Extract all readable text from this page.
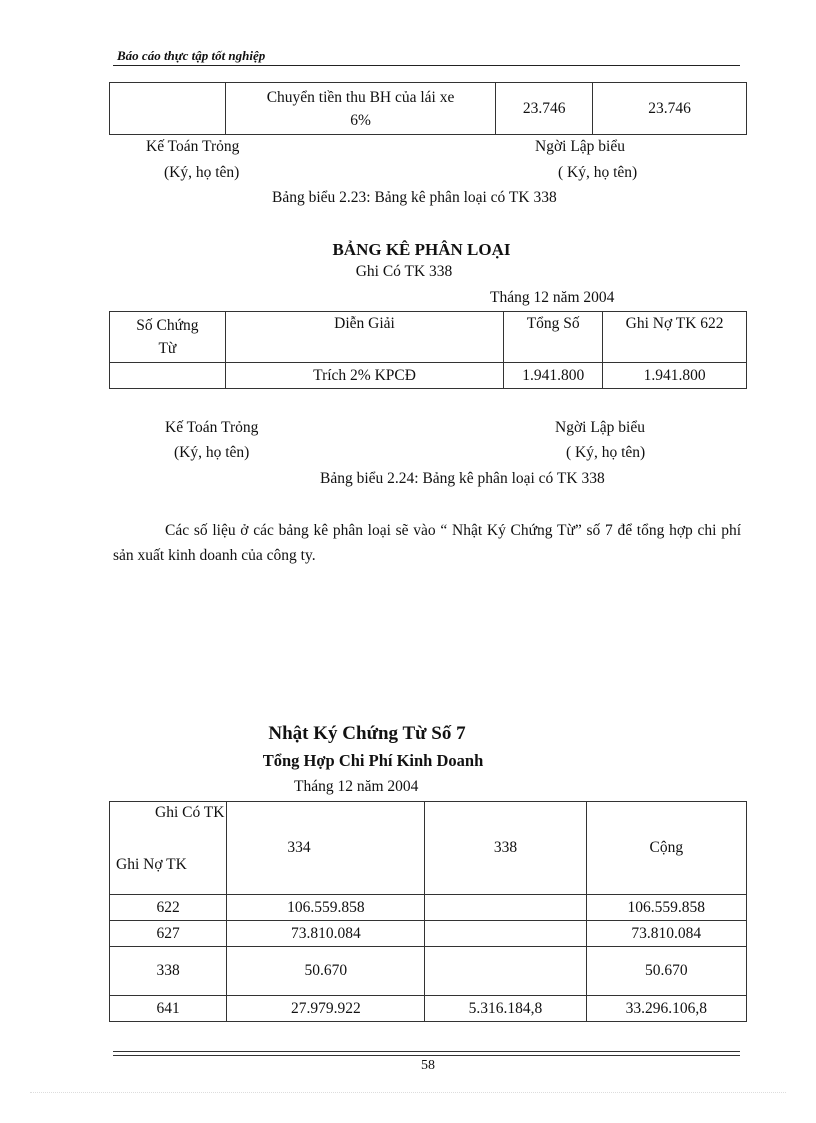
Báo cáo thực tập tốt nghiệp
	Chuyển tiền thu BH của lái xe
6%	23.746	23.746
Kế Toán Trỏng
(Ký, họ tên)
Ngời Lập biểu
( Ký, họ tên)
Bảng biểu 2.23: Bảng kê phân loại có TK 338
BẢNG KÊ PHÂN LOẠI
Ghi Có TK 338
Tháng 12 năm 2004
Số Chứng
Từ	Diễn Giải	Tổng Số	Ghi Nợ TK 622
	Trích 2% KPCĐ	1.941.800	1.941.800
Kế Toán Trỏng
(Ký, họ tên)
Ngời Lập biểu
( Ký, họ tên)
Bảng biểu 2.24: Bảng kê phân loại có TK 338
Các số liệu ở các bảng kê phân loại sẽ vào “ Nhật Ký Chứng Từ” số 7 để tổng hợp chi phí sản xuất kinh doanh của công ty.
Nhật Ký Chứng Từ Số 7
Tổng Hợp Chi Phí Kinh Doanh
Tháng 12 năm 2004
Ghi Có TK
Ghi Nợ TK	334	338	Cộng
622	106.559.858		106.559.858
627	73.810.084		73.810.084
338	50.670		50.670
641	27.979.922	5.316.184,8	33.296.106,8
58
